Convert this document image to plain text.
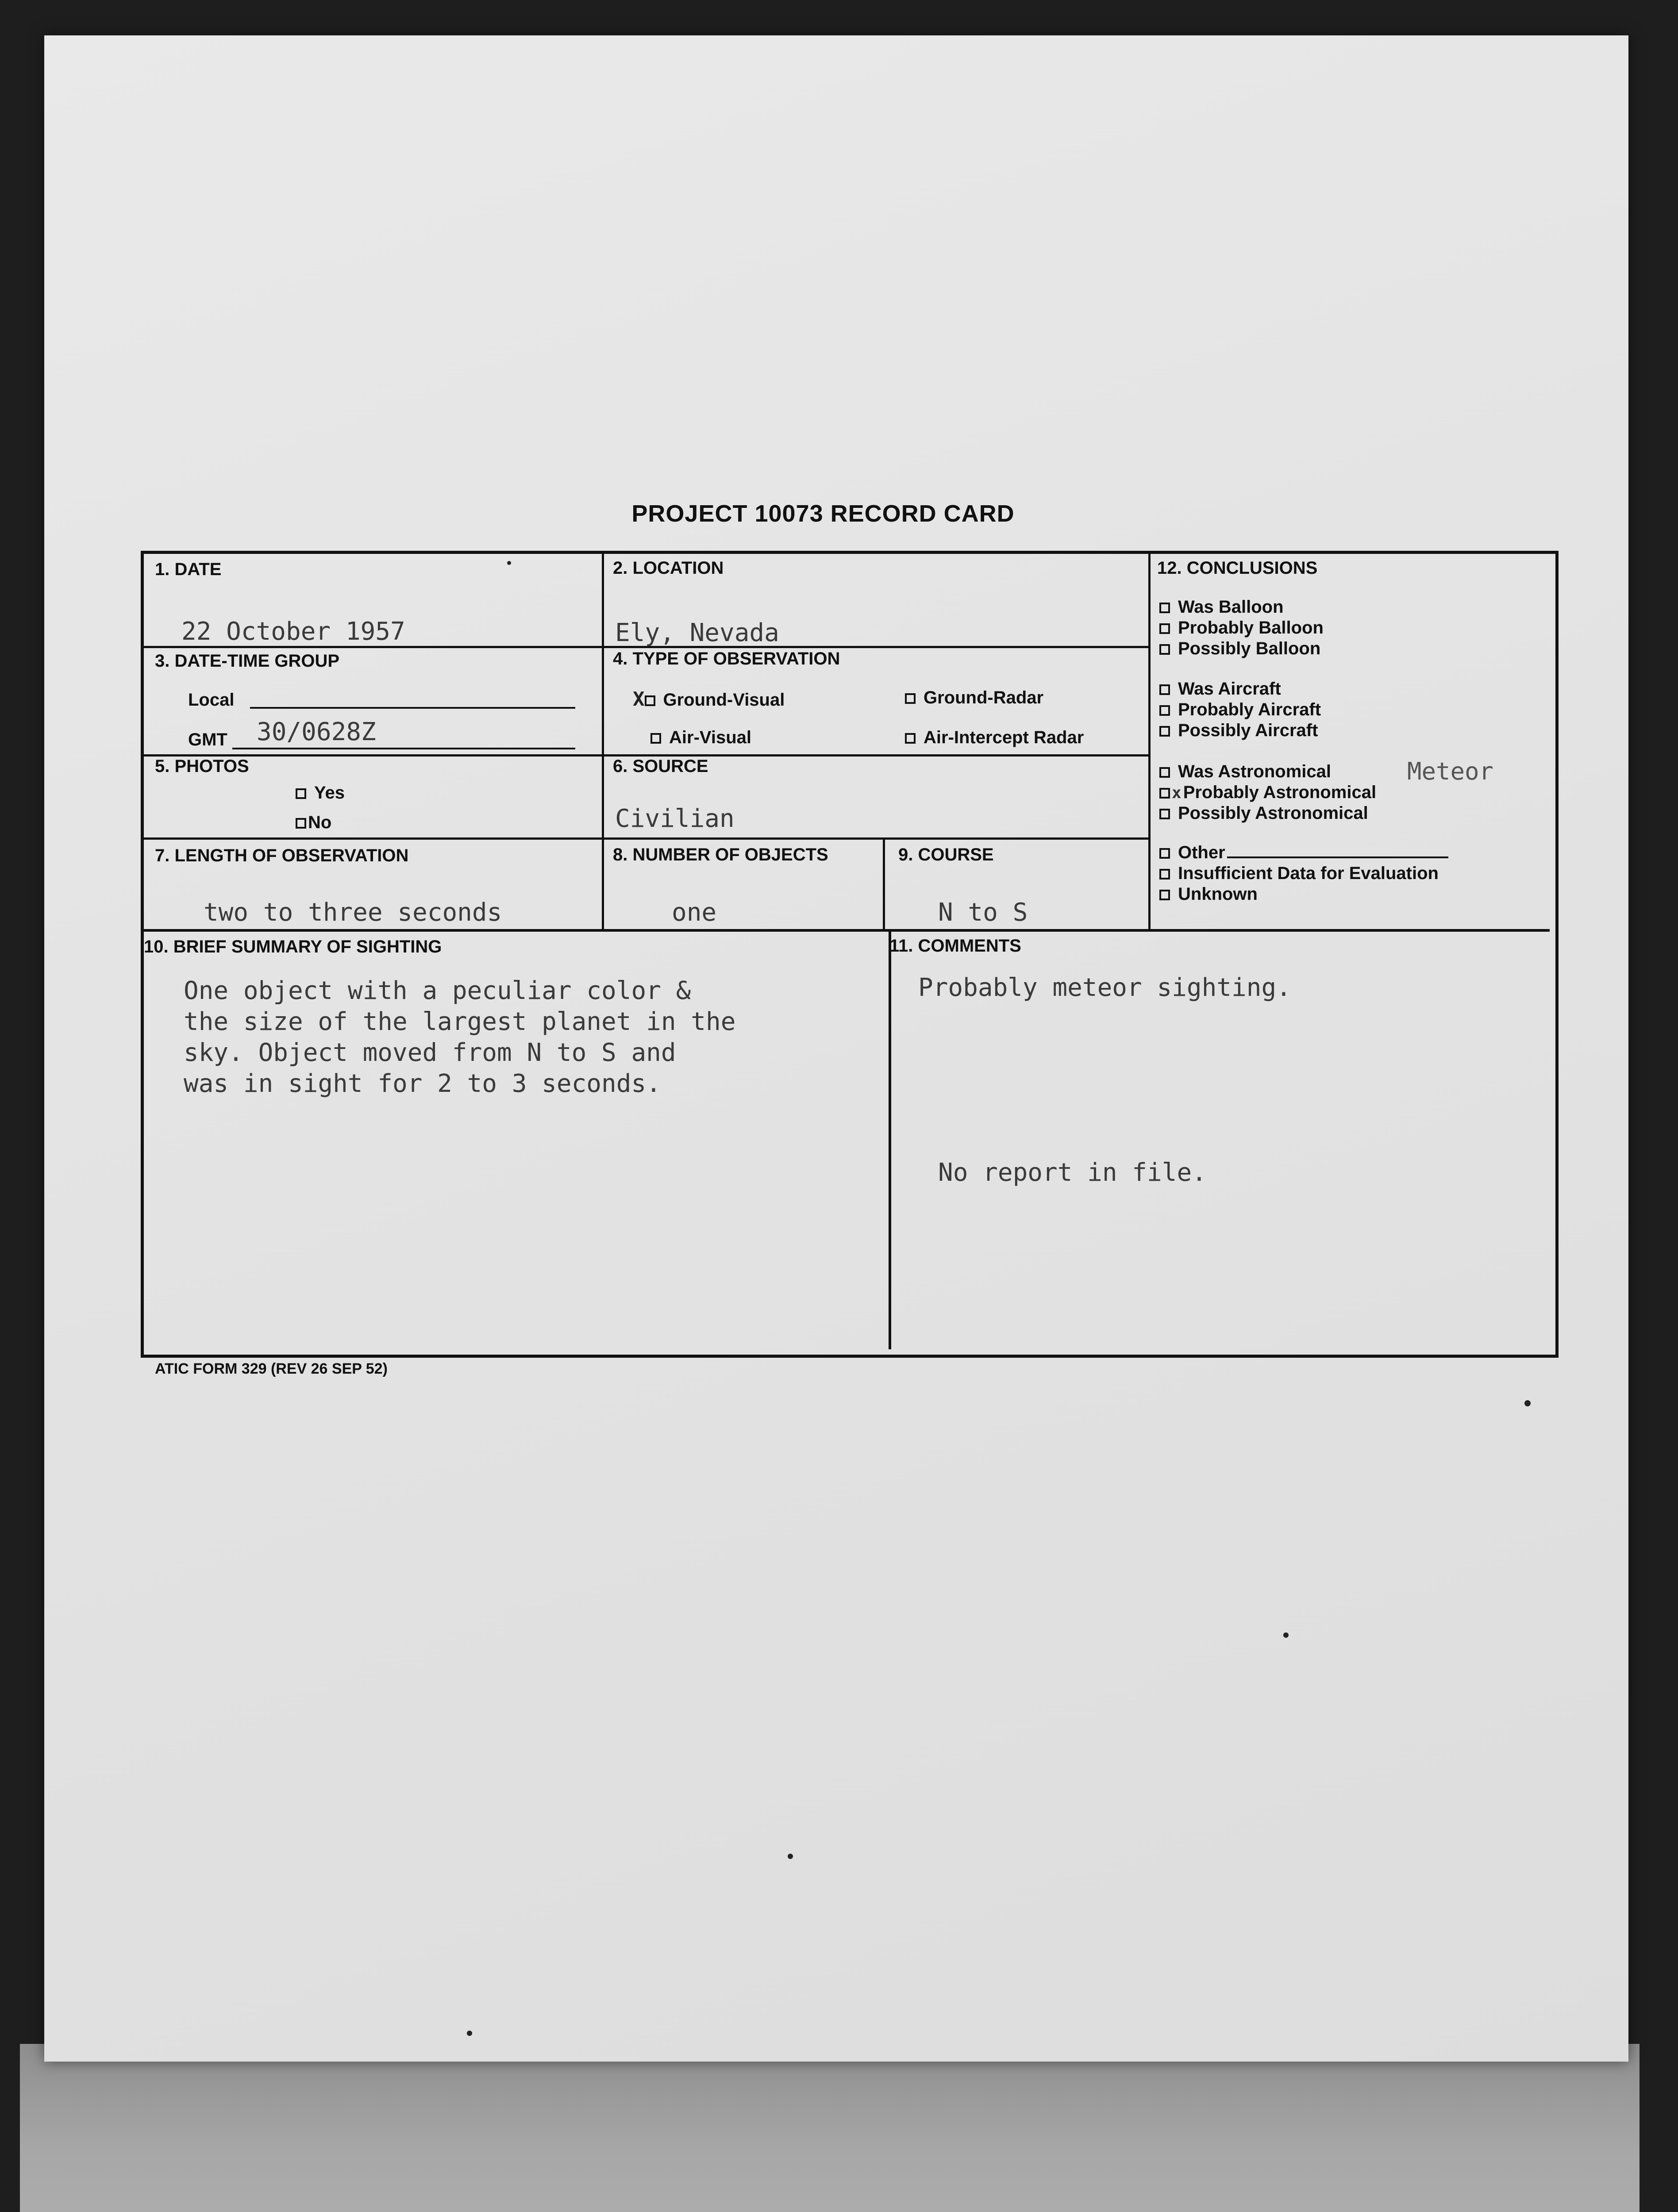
PROJECT 10073 RECORD CARD
1. DATE
22 October 1957
2. LOCATION
Ely, Nevada
3. DATE-TIME GROUP
Local
GMT 30/0628Z
4. TYPE OF OBSERVATION
X Ground-Visual	Ground-Radar
Air-Visual	Air-Intercept Radar
5. PHOTOS
Yes
No
6. SOURCE
Civilian
7. LENGTH OF OBSERVATION
two to three seconds
8. NUMBER OF OBJECTS
one
9. COURSE
N to S
10. BRIEF SUMMARY OF SIGHTING
One object with a peculiar color &
the size of the largest planet in the
sky. Object moved from N to S and
was in sight for 2 to 3 seconds.
11. COMMENTS
Probably meteor sighting.
No report in file.
12. CONCLUSIONS
Was Balloon
Probably Balloon
Possibly Balloon
Was Aircraft
Probably Aircraft
Possibly Aircraft
Was Astronomical
x Probably Astronomical
Possibly Astronomical
Other
Insufficient Data for Evaluation
Unknown
Meteor
ATIC FORM 329 (REV 26 SEP 52)
